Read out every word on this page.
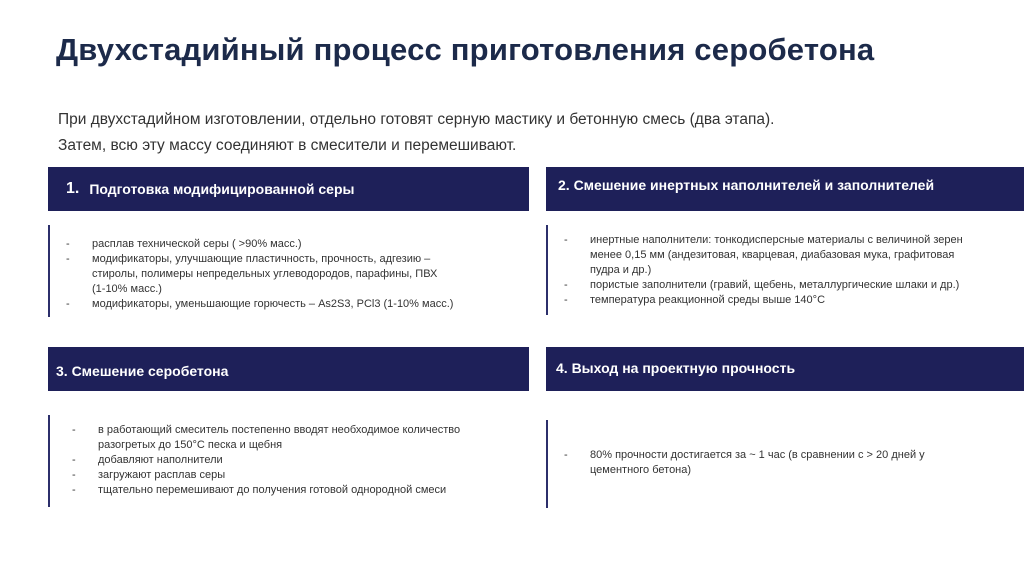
Двухстадийный процесс приготовления серобетона

При двухстадийном изготовлении, отдельно готовят серную мастику и бетонную смесь (два этапа).

Затем, всю эту массу соединяют в смесители и перемешивают.

1. Подготовка модифицированной серы
- расплав технической серы ( >90% масс.)
- модификаторы, улучшающие пластичность, прочность, адгезию –
стиролы, полимеры непредельных углеводородов, парафины, ПВХ
(1-10% масс.)
- модификаторы, уменьшающие горючесть – As2S3, PCl3 (1-10% масс.)
2. Смешение инертных наполнителей и заполнителей
- инертные наполнители: тонкодисперсные материалы с величиной зерен
менее 0,15 мм (андезитовая, кварцевая, диабазовая мука, графитовая
пудра и др.)
- пористые заполнители (гравий, щебень, металлургические шлаки и др.)
- температура реакционной среды выше 140°С
3. Смешение серобетона
- в работающий смеситель постепенно вводят необходимое количество
разогретых до 150°С песка и щебня
- добавляют наполнители
- загружают расплав серы
- тщательно перемешивают до получения готовой однородной смеси
4. Выход на проектную прочность
- 80% прочности достигается за ~ 1 час (в сравнении с > 20 дней у
цементного бетона)
